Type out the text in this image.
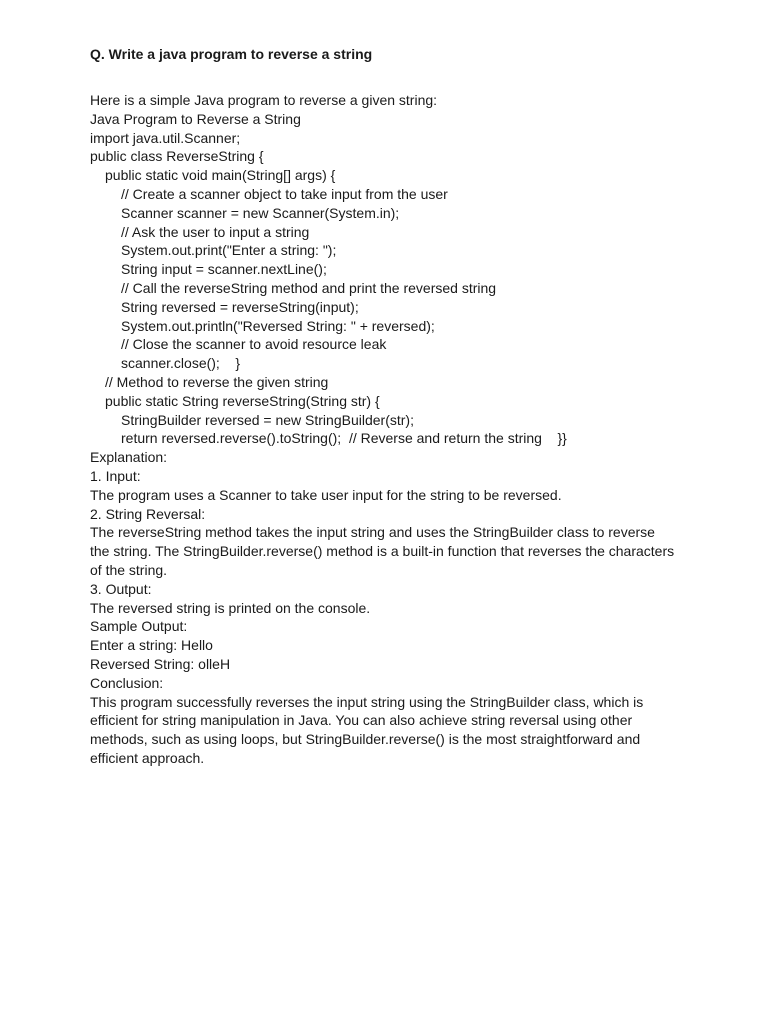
Q. Write a java program to reverse a string
Here is a simple Java program to reverse a given string:
Java Program to Reverse a String
import java.util.Scanner;
public class ReverseString {
public static void main(String[] args) {
// Create a scanner object to take input from the user
Scanner scanner = new Scanner(System.in);
// Ask the user to input a string
System.out.print("Enter a string: ");
String input = scanner.nextLine();
// Call the reverseString method and print the reversed string
String reversed = reverseString(input);
System.out.println("Reversed String: " + reversed);
// Close the scanner to avoid resource leak
scanner.close();    }
// Method to reverse the given string
public static String reverseString(String str) {
StringBuilder reversed = new StringBuilder(str);
return reversed.reverse().toString();  // Reverse and return the string    }}
Explanation:
1. Input:
The program uses a Scanner to take user input for the string to be reversed.
2. String Reversal:
The reverseString method takes the input string and uses the StringBuilder class to reverse the string. The StringBuilder.reverse() method is a built-in function that reverses the characters of the string.
3. Output:
The reversed string is printed on the console.
Sample Output:
Enter a string: Hello
Reversed String: olleH
Conclusion:
This program successfully reverses the input string using the StringBuilder class, which is efficient for string manipulation in Java. You can also achieve string reversal using other methods, such as using loops, but StringBuilder.reverse() is the most straightforward and efficient approach.
